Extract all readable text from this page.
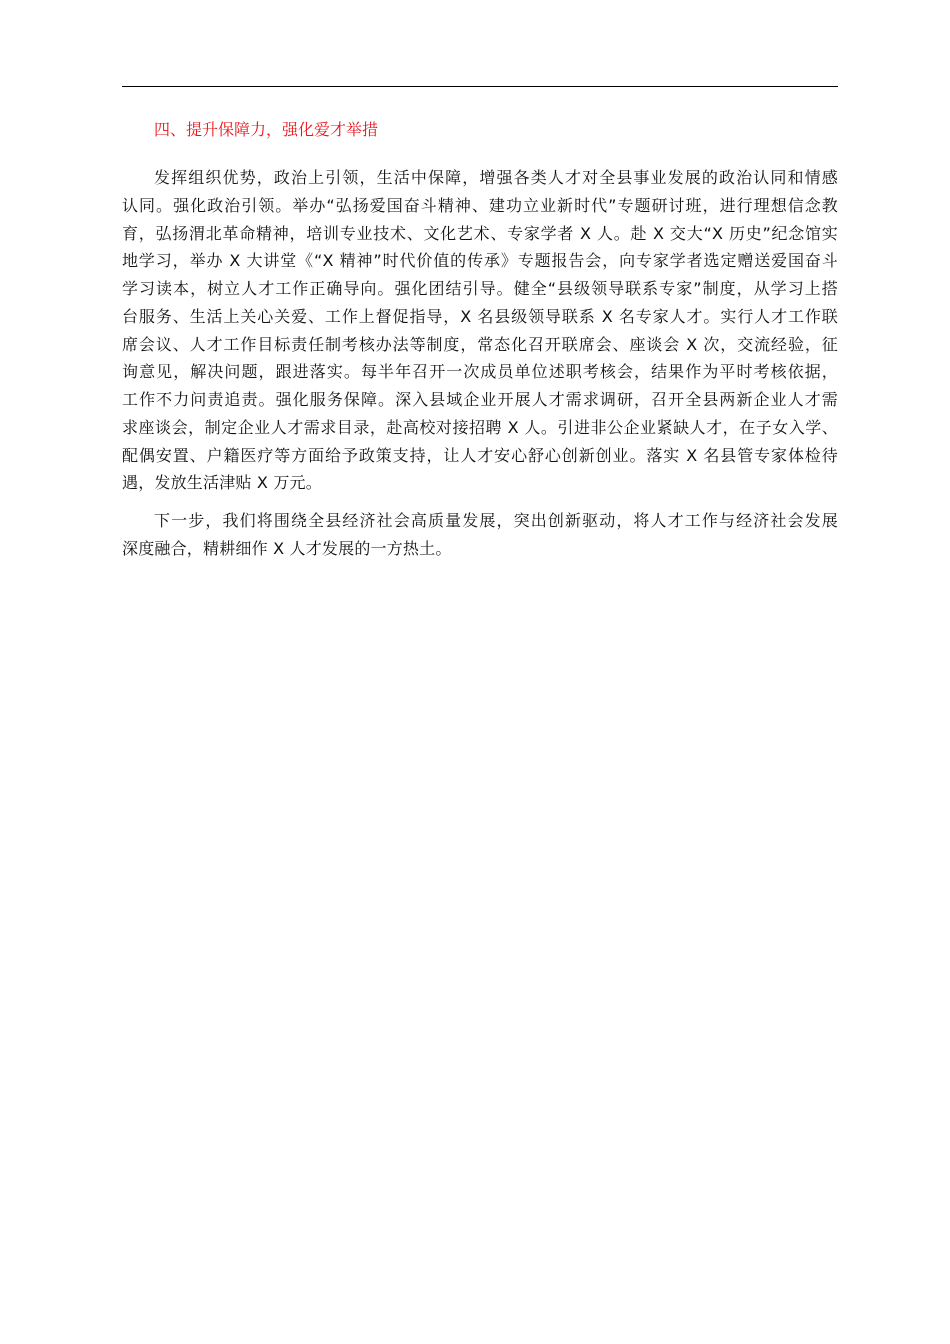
四、提升保障力，强化爱才举措
发挥组织优势，政治上引领，生活中保障，增强各类人才对全县事业发展的政治认同和情感
认同。强化政治引领。举办“弘扬爱国奋斗精神、建功立业新时代”专题研讨班，进行理想信念教
育，弘扬渭北革命精神，培训专业技术、文化艺术、专家学者 X 人。赴 X 交大“X 历史”纪念馆实
地学习，举办 X 大讲堂《“X 精神”时代价值的传承》专题报告会，向专家学者选定赠送爱国奋斗
学习读本，树立人才工作正确导向。强化团结引导。健全“县级领导联系专家”制度，从学习上搭
台服务、生活上关心关爱、工作上督促指导，X 名县级领导联系 X 名专家人才。实行人才工作联
席会议、人才工作目标责任制考核办法等制度，常态化召开联席会、座谈会 X 次，交流经验，征
询意见，解决问题，跟进落实。每半年召开一次成员单位述职考核会，结果作为平时考核依据，
工作不力问责追责。强化服务保障。深入县域企业开展人才需求调研，召开全县两新企业人才需
求座谈会，制定企业人才需求目录，赴高校对接招聘 X 人。引进非公企业紧缺人才，在子女入学、
配偶安置、户籍医疗等方面给予政策支持，让人才安心舒心创新创业。落实 X 名县管专家体检待
遇，发放生活津贴 X 万元。
下一步，我们将围绕全县经济社会高质量发展，突出创新驱动，将人才工作与经济社会发展
深度融合，精耕细作 X 人才发展的一方热土。
